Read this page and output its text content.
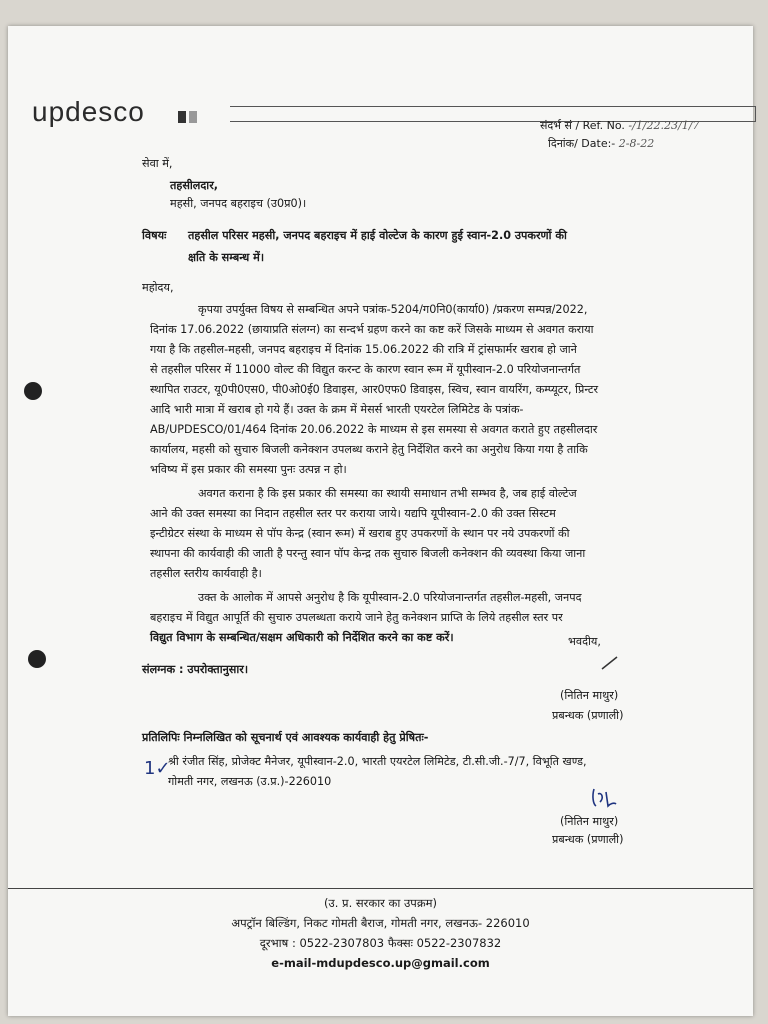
updesco	संदर्भ सं / Ref. No. -/1/22.23/1/7
दिनांक/ Date:- 2-8-22
सेवा में,
तहसीलदार,
महसी, जनपद बहराइच (उ0प्र0)।
विषयः तहसील परिसर महसी, जनपद बहराइच में हाई वोल्टेज के कारण हुई स्वान-2.0 उपकरणों की
क्षति के सम्बन्ध में।
महोदय,
कृपया उपर्युक्त विषय से सम्बन्धित अपने पत्रांक-5204/ग0नि0(कार्या0) /प्रकरण सम्पन्न/2022,
दिनांक 17.06.2022 (छायाप्रति संलग्न) का सन्दर्भ ग्रहण करने का कष्ट करें जिसके माध्यम से अवगत कराया
गया है कि तहसील-महसी, जनपद बहराइच में दिनांक 15.06.2022 की रात्रि में ट्रांसफार्मर खराब हो जाने
से तहसील परिसर में 11000 वोल्ट की विद्युत करन्ट के कारण स्वान रूम में यूपीस्वान-2.0 परियोजनान्तर्गत
स्थापित राउटर, यू0पी0एस0, पी0ओ0ई0 डिवाइस, आर0एफ0 डिवाइस, स्विच, स्वान वायरिंग, कम्प्यूटर, प्रिन्टर
आदि भारी मात्रा में खराब हो गये हैं। उक्त के क्रम में मेसर्स भारती एयरटेल लिमिटेड के पत्रांक-
AB/UPDESCO/01/464 दिनांक 20.06.2022 के माध्यम से इस समस्या से अवगत कराते हुए तहसीलदार
कार्यालय, महसी को सुचारु बिजली कनेक्शन उपलब्ध कराने हेतु निर्देशित करने का अनुरोध किया गया है ताकि
भविष्य में इस प्रकार की समस्या पुनः उत्पन्न न हो।
अवगत कराना है कि इस प्रकार की समस्या का स्थायी समाधान तभी सम्भव है, जब हाई वोल्टेज
आने की उक्त समस्या का निदान तहसील स्तर पर कराया जाये। यद्यपि यूपीस्वान-2.0 की उक्त सिस्टम
इन्टीग्रेटर संस्था के माध्यम से पॉप केन्द्र (स्वान रूम) में खराब हुए उपकरणों के स्थान पर नये उपकरणों की
स्थापना की कार्यवाही की जाती है परन्तु स्वान पॉप केन्द्र तक सुचारु बिजली कनेक्शन की व्यवस्था किया जाना
तहसील स्तरीय कार्यवाही है।
उक्त के आलोक में आपसे अनुरोध है कि यूपीस्वान-2.0 परियोजनान्तर्गत तहसील-महसी, जनपद
बहराइच में विद्युत आपूर्ति की सुचारु उपलब्धता कराये जाने हेतु कनेक्शन प्राप्ति के लिये तहसील स्तर पर
विद्युत विभाग के सम्बन्धित/सक्षम अधिकारी को निर्देशित करने का कष्ट करें।	भवदीय,
संलग्नक : उपरोक्तानुसार।
(नितिन माथुर)
प्रबन्धक (प्रणाली)
प्रतिलिपिः निम्नलिखित को सूचनार्थ एवं आवश्यक कार्यवाही हेतु प्रेषितः-
1✓
श्री रंजीत सिंह, प्रोजेक्ट मैनेजर, यूपीस्वान-2.0, भारती एयरटेल लिमिटेड, टी.सी.जी.-7/7, विभूति खण्ड,
गोमती नगर, लखनऊ (उ.प्र.)-226010
(नितिन माथुर)
प्रबन्धक (प्रणाली)
(उ. प्र. सरकार का उपक्रम)
अपट्रॉन बिल्डिंग, निकट गोमती बैराज, गोमती नगर, लखनऊ- 226010
दूरभाष : 0522-2307803 फैक्सः 0522-2307832
e-mail-mdupdesco.up@gmail.com
